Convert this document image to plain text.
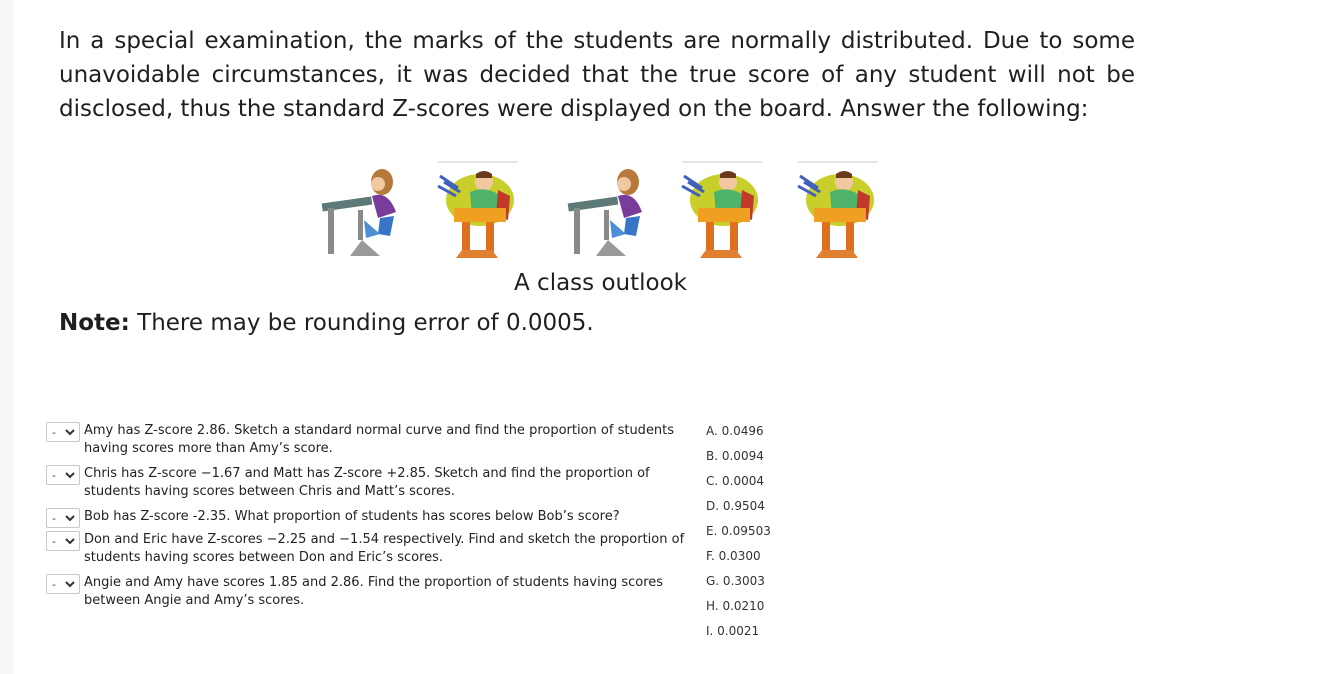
In a special examination, the marks of the students are normally distributed. Due to some unavoidable circumstances, it was decided that the true score of any student will not be disclosed, thus the standard Z-scores were displayed on the board. Answer the following:

A class outlook
Note: There may be rounding error of 0.0005.
-	Amy has Z-score 2.86. Sketch a standard normal curve and find the proportion of students having scores more than Amy’s score.
-	Chris has Z-score −1.67 and Matt has Z-score +2.85. Sketch and find the proportion of students having scores between Chris and Matt’s scores.
-	Bob has Z-score -2.35. What proportion of students has scores below Bob’s score?
-	Don and Eric have Z-scores −2.25 and −1.54 respectively. Find and sketch the proportion of students having scores between Don and Eric’s scores.
-	Angie and Amy have scores 1.85 and 2.86. Find the proportion of students having scores between Angie and Amy’s scores.
A. 0.0496
B. 0.0094
C. 0.0004
D. 0.9504
E. 0.09503
F. 0.0300
G. 0.3003
H. 0.0210
I. 0.0021
